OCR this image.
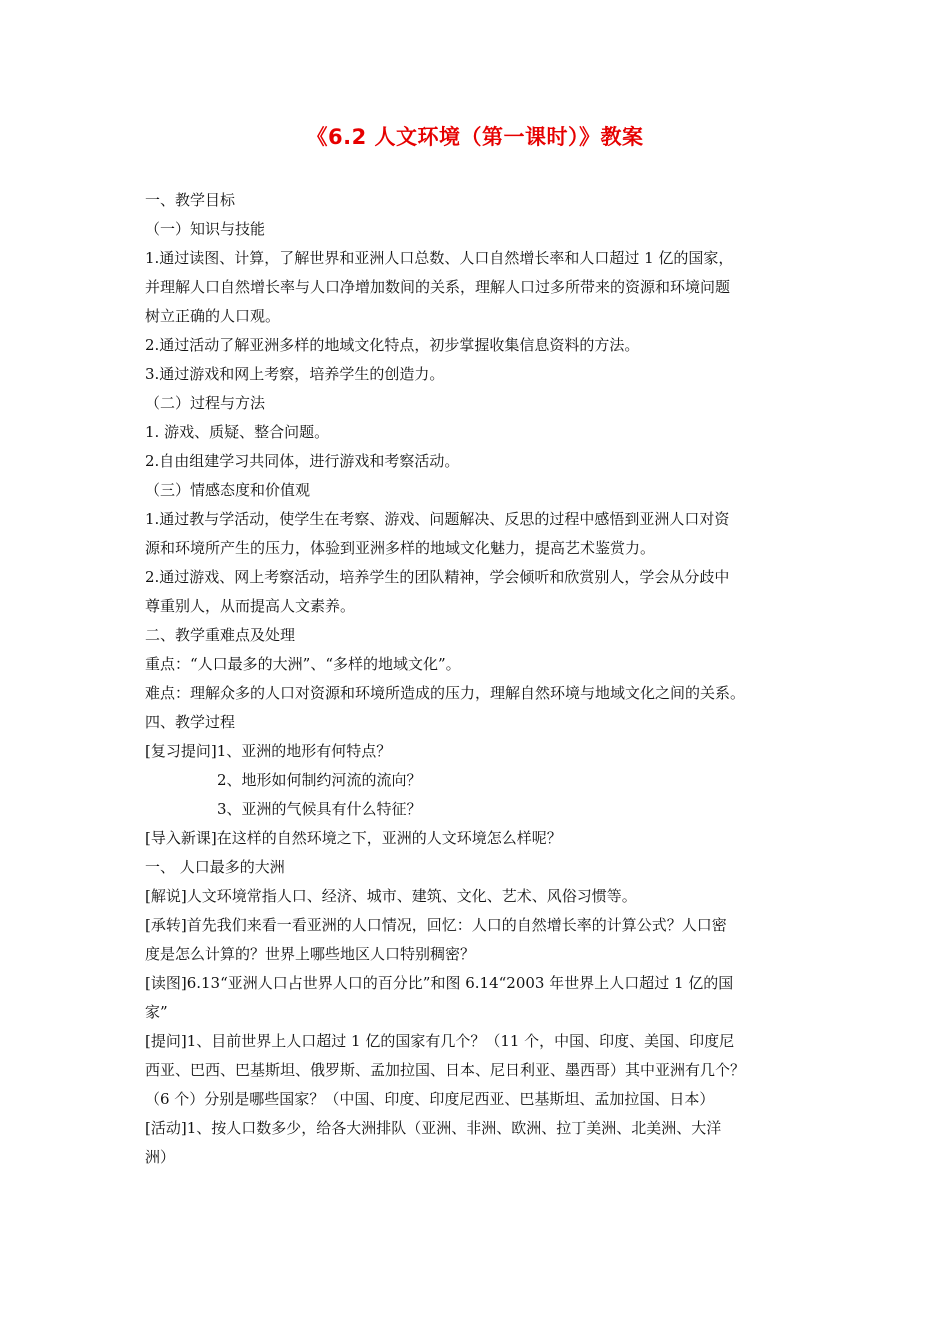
《6.2 人文环境（第一课时）》教案
一、教学目标
（一）知识与技能
1.通过读图、计算，了解世界和亚洲人口总数、人口自然增长率和人口超过 1 亿的国家，
并理解人口自然增长率与人口净增加数间的关系，理解人口过多所带来的资源和环境问题
树立正确的人口观。
2.通过活动了解亚洲多样的地域文化特点，初步掌握收集信息资料的方法。
3.通过游戏和网上考察，培养学生的创造力。
（二）过程与方法
1. 游戏、质疑、整合问题。
2.自由组建学习共同体，进行游戏和考察活动。
（三）情感态度和价值观
1.通过教与学活动，使学生在考察、游戏、问题解决、反思的过程中感悟到亚洲人口对资
源和环境所产生的压力，体验到亚洲多样的地域文化魅力，提高艺术鉴赏力。
2.通过游戏、网上考察活动，培养学生的团队精神，学会倾听和欣赏别人，学会从分歧中
尊重别人，从而提高人文素养。
二、教学重难点及处理
重点：“人口最多的大洲”、“多样的地域文化”。
难点：理解众多的人口对资源和环境所造成的压力，理解自然环境与地域文化之间的关系。
四、教学过程
[复习提问]1、亚洲的地形有何特点？
2、地形如何制约河流的流向？
3、亚洲的气候具有什么特征？
[导入新课]在这样的自然环境之下，亚洲的人文环境怎么样呢？
一、 人口最多的大洲
[解说]人文环境常指人口、经济、城市、建筑、文化、艺术、风俗习惯等。
[承转]首先我们来看一看亚洲的人口情况，回忆：人口的自然增长率的计算公式？人口密
度是怎么计算的？世界上哪些地区人口特别稠密？
[读图]6.13“亚洲人口占世界人口的百分比”和图 6.14“2003 年世界上人口超过 1 亿的国
家”
[提问]1、目前世界上人口超过 1 亿的国家有几个？（11 个，中国、印度、美国、印度尼
西亚、巴西、巴基斯坦、俄罗斯、孟加拉国、日本、尼日利亚、墨西哥）其中亚洲有几个？
（6 个）分别是哪些国家？（中国、印度、印度尼西亚、巴基斯坦、孟加拉国、日本）
[活动]1、按人口数多少，给各大洲排队（亚洲、非洲、欧洲、拉丁美洲、北美洲、大洋
洲）
